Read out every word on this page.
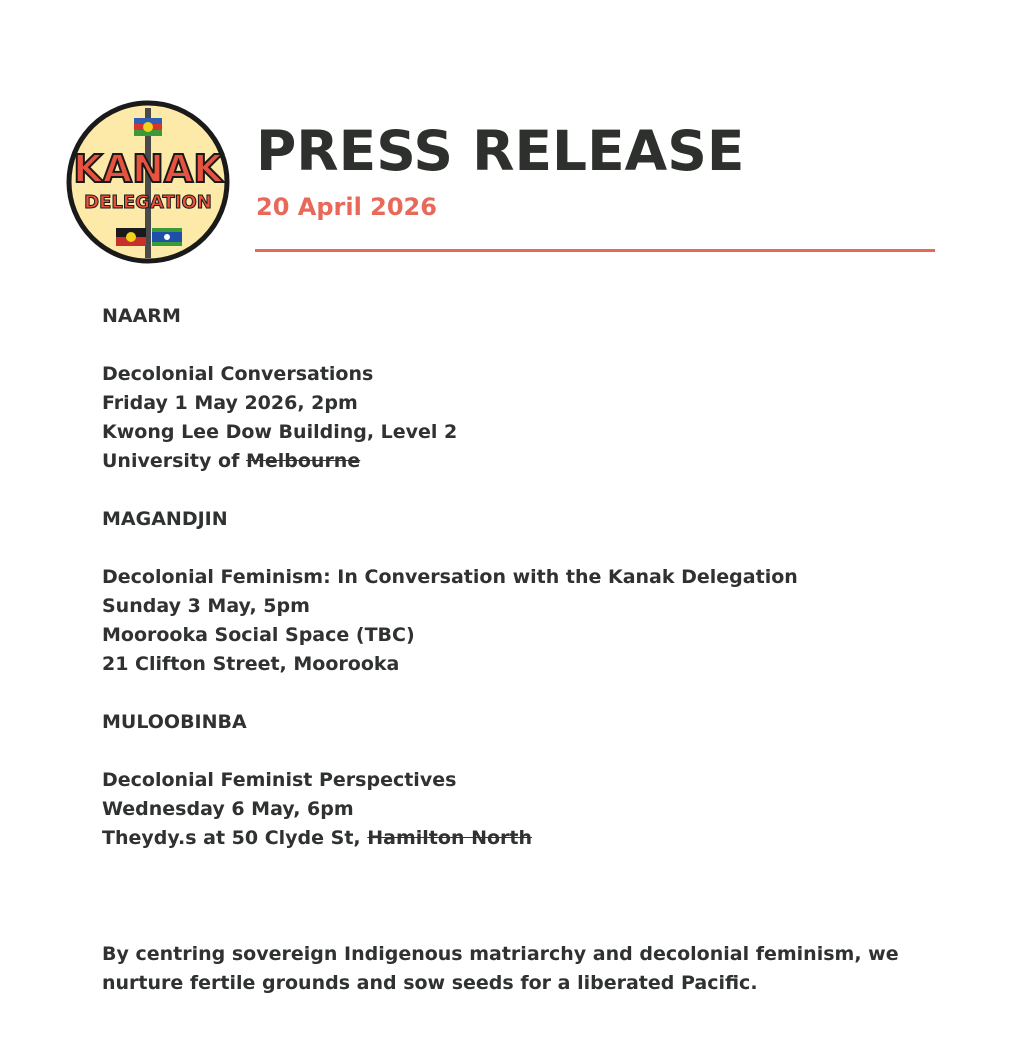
KANAK
DELEGATION
PRESS RELEASE
20 April 2026
NAARM
Decolonial Conversations
Friday 1 May 2026, 2pm
Kwong Lee Dow Building, Level 2
University of Melbourne
MAGANDJIN
Decolonial Feminism: In Conversation with the Kanak Delegation
Sunday 3 May, 5pm
Moorooka Social Space (TBC)
21 Clifton Street, Moorooka
MULOOBINBA
Decolonial Feminist Perspectives
Wednesday 6 May, 6pm
Theydy.s at 50 Clyde St, Hamilton North
By centring sovereign Indigenous matriarchy and decolonial feminism, we
nurture fertile grounds and sow seeds for a liberated Pacific.
